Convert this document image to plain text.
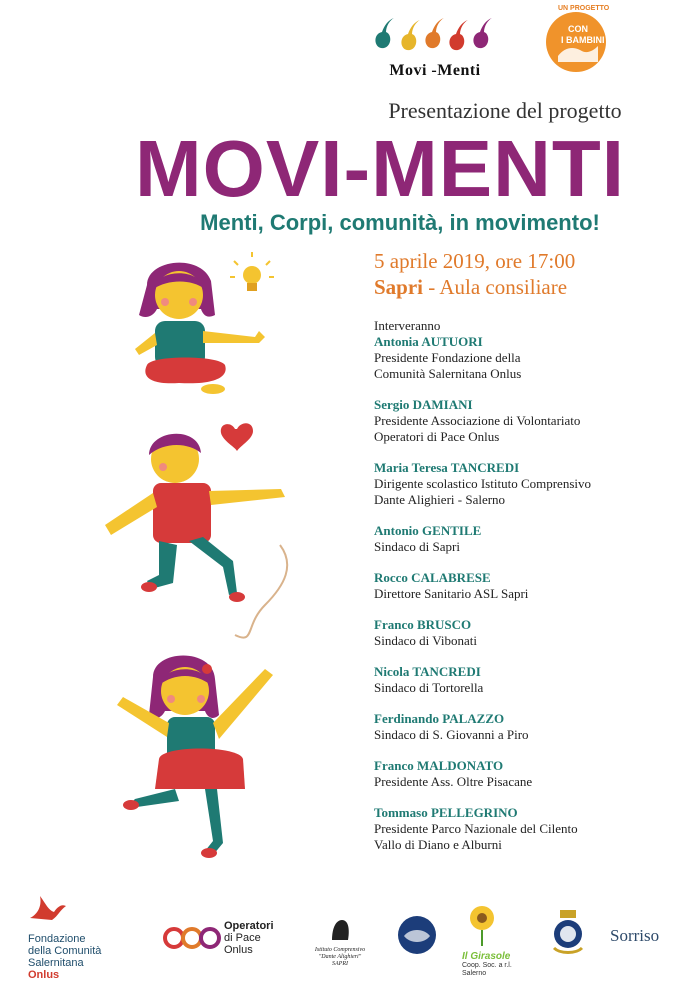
Movi -Menti
UN PROGETTO
CON
I BAMBINI
Presentazione del progetto
MOVI-MENTI
Menti, Corpi, comunità, in movimento!
5 aprile 2019, ore 17:00
Sapri - Aula consiliare
Interveranno
Antonia AUTUORI
Presidente Fondazione della
Comunità Salernitana Onlus
Sergio DAMIANI
Presidente Associazione di Volontariato
Operatori di Pace Onlus
Maria Teresa TANCREDI
Dirigente scolastico Istituto Comprensivo
Dante Alighieri - Salerno
Antonio GENTILE
Sindaco di Sapri
Rocco CALABRESE
Direttore Sanitario ASL Sapri
Franco BRUSCO
Sindaco di Vibonati
Nicola TANCREDI
Sindaco di Tortorella
Ferdinando PALAZZO
Sindaco di S. Giovanni a Piro
Franco MALDONATO
Presidente Ass. Oltre Pisacane
Tommaso PELLEGRINO
Presidente Parco Nazionale del Cilento
Vallo di Diano e Alburni
Fondazione
della Comunità
Salernitana
Onlus
Operatori
di Pace
Onlus	Istituto Comprensivo
"Dante Alighieri"
SAPRI
Il Girasole
Coop. Soc. a r.l.
Salerno
Sorriso
